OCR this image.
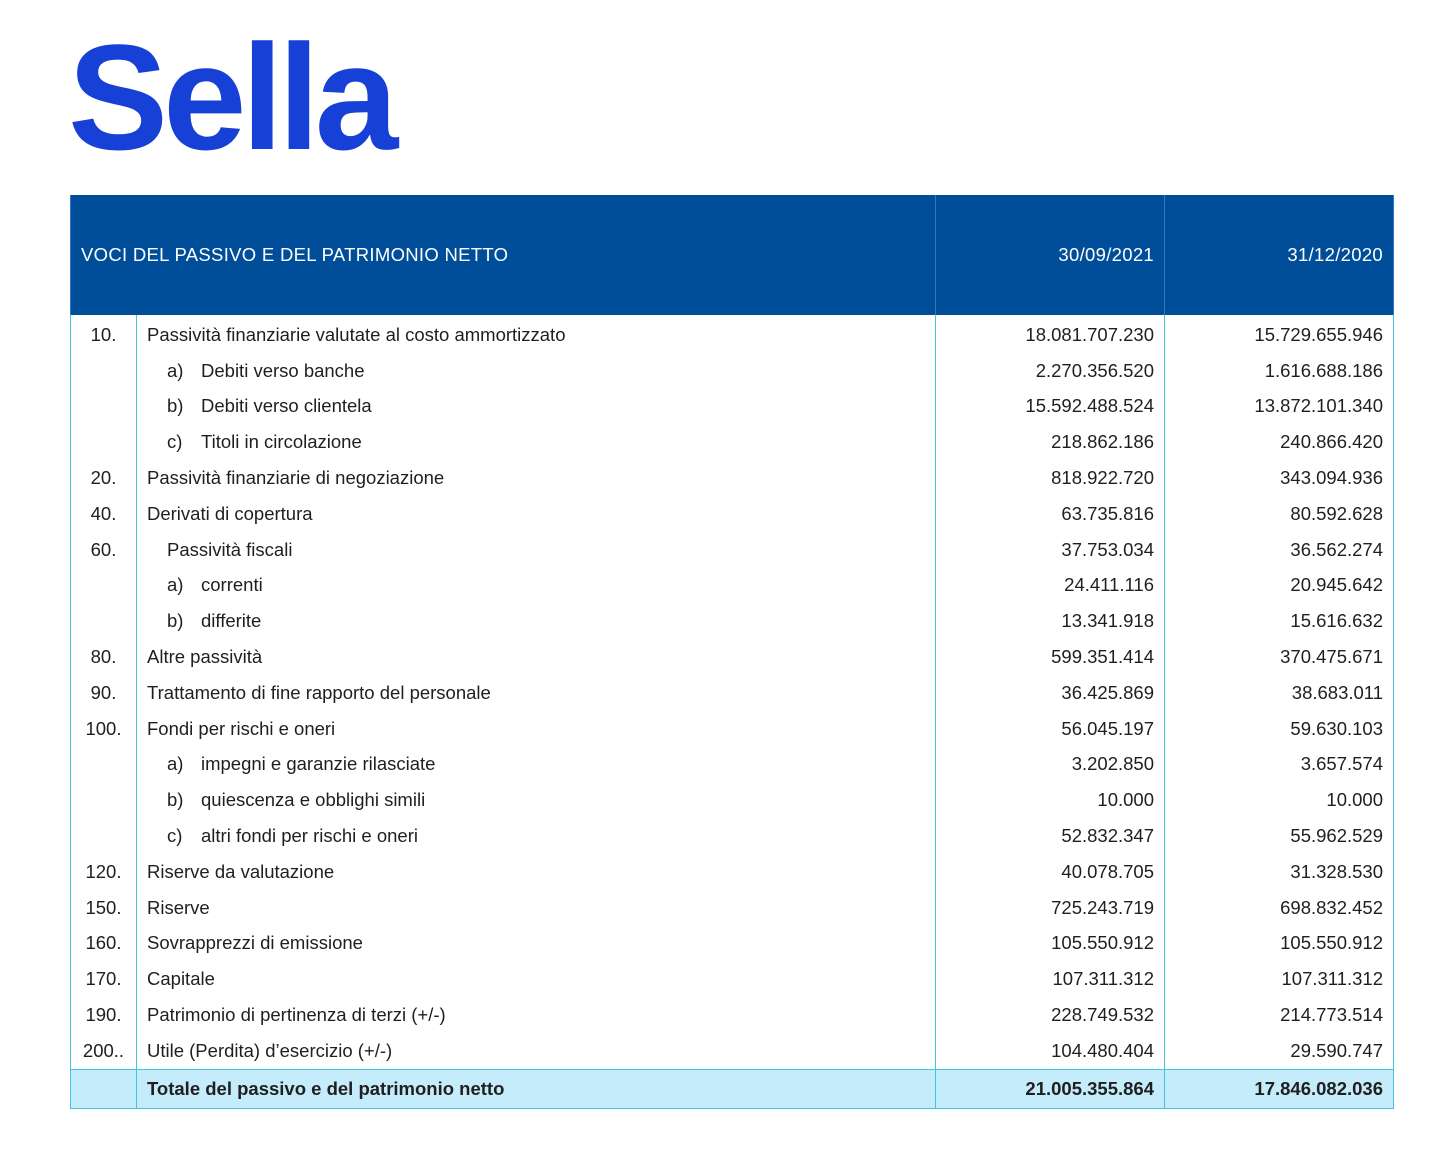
Sella
VOCI DEL PASSIVO E DEL PATRIMONIO NETTO		30/09/2021	31/12/2020
10.	Passività finanziarie valutate al costo ammortizzato	18.081.707.230	15.729.655.946
	a) Debiti verso banche	2.270.356.520	1.616.688.186
	b) Debiti verso clientela	15.592.488.524	13.872.101.340
	c) Titoli in circolazione	218.862.186	240.866.420
20.	Passività finanziarie di negoziazione	818.922.720	343.094.936
40.	Derivati di copertura	63.735.816	80.592.628
60.	Passività fiscali	37.753.034	36.562.274
	a) correnti	24.411.116	20.945.642
	b) differite	13.341.918	15.616.632
80.	Altre passività	599.351.414	370.475.671
90.	Trattamento di fine rapporto del personale	36.425.869	38.683.011
100.	Fondi per rischi e oneri	56.045.197	59.630.103
	a) impegni e garanzie rilasciate	3.202.850	3.657.574
	b) quiescenza e obblighi simili	10.000	10.000
	c) altri fondi per rischi e oneri	52.832.347	55.962.529
120.	Riserve da valutazione	40.078.705	31.328.530
150.	Riserve	725.243.719	698.832.452
160.	Sovrapprezzi di emissione	105.550.912	105.550.912
170.	Capitale	107.311.312	107.311.312
190.	Patrimonio di pertinenza di terzi (+/-)	228.749.532	214.773.514
200..	Utile (Perdita) d’esercizio (+/-)	104.480.404	29.590.747
	Totale del passivo e del patrimonio netto	21.005.355.864	17.846.082.036
